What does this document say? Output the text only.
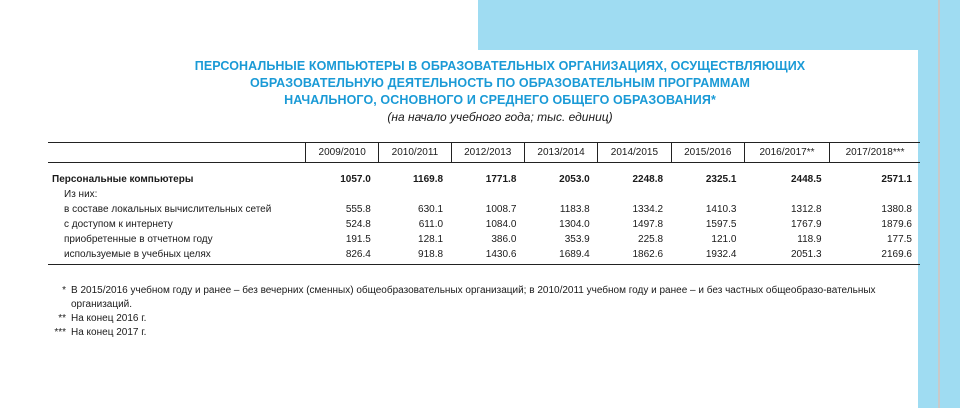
ПЕРСОНАЛЬНЫЕ КОМПЬЮТЕРЫ В ОБРАЗОВАТЕЛЬНЫХ ОРГАНИЗАЦИЯХ, ОСУЩЕСТВЛЯЮЩИХ
ОБРАЗОВАТЕЛЬНУЮ ДЕЯТЕЛЬНОСТЬ ПО ОБРАЗОВАТЕЛЬНЫМ ПРОГРАММАМ
НАЧАЛЬНОГО, ОСНОВНОГО И СРЕДНЕГО ОБЩЕГО ОБРАЗОВАНИЯ*
(на начало учебного года; тыс. единиц)
	2009/2010	2010/2011	2012/2013	2013/2014	2014/2015	2015/2016	2016/2017**	2017/2018***
Персональные компьютеры	1057.0	1169.8	1771.8	2053.0	2248.8	2325.1	2448.5	2571.1
Из них:								
в составе локальных вычислительных сетей	555.8	630.1	1008.7	1183.8	1334.2	1410.3	1312.8	1380.8
с доступом к интернету	524.8	611.0	1084.0	1304.0	1497.8	1597.5	1767.9	1879.6
приобретенные в отчетном году	191.5	128.1	386.0	353.9	225.8	121.0	118.9	177.5
используемые в учебных целях	826.4	918.8	1430.6	1689.4	1862.6	1932.4	2051.3	2169.6
* В 2015/2016 учебном году и ранее – без вечерних (сменных) общеобразовательных организаций; в 2010/2011 учебном году и ранее – и без частных общеобразо-вательных организаций.
** На конец 2016 г.
*** На конец 2017 г.
